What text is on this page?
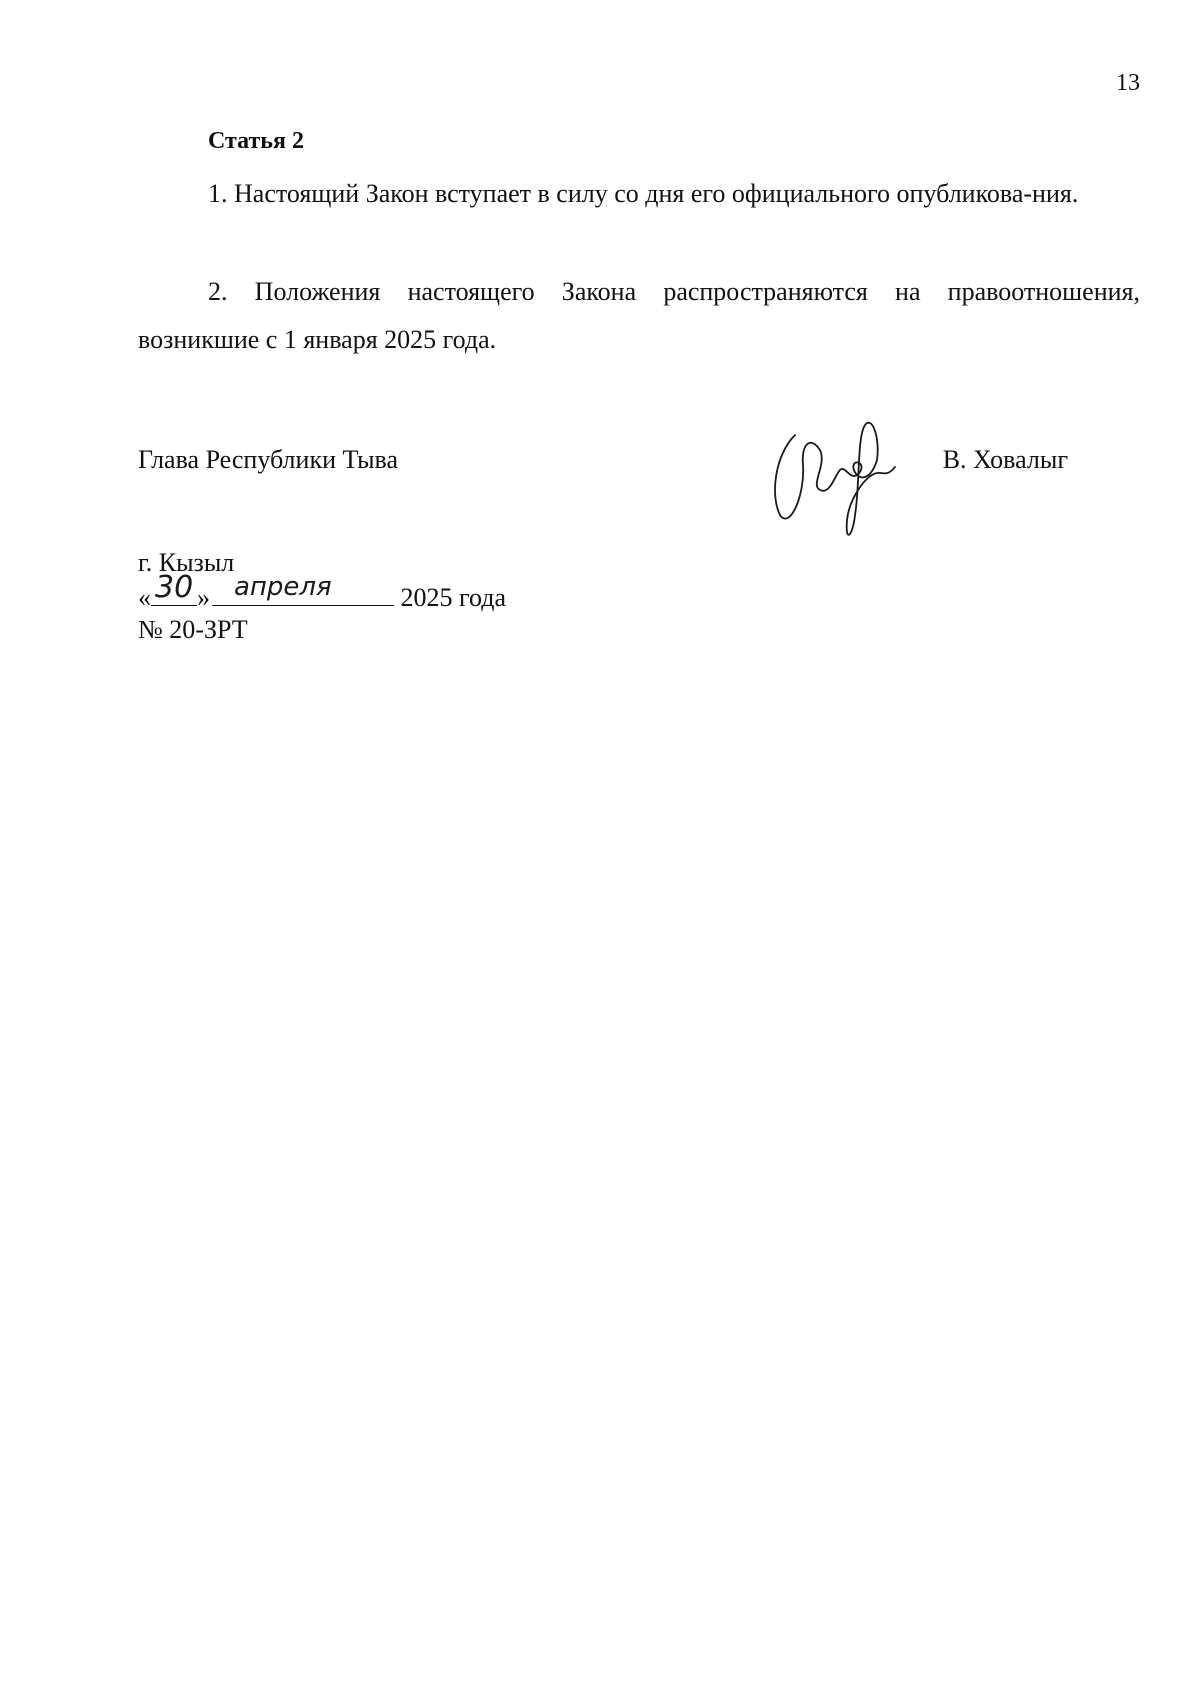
13
Статья 2
1. Настоящий Закон вступает в силу со дня его официального опубликова-ния.
2. Положения настоящего Закона распространяются на правоотношения, возникшие с 1 января 2025 года.
Глава Республики Тыва	В. Ховалыг
г. Кызыл
« 30 » апреля	2025 года
№ 20-ЗРТ
